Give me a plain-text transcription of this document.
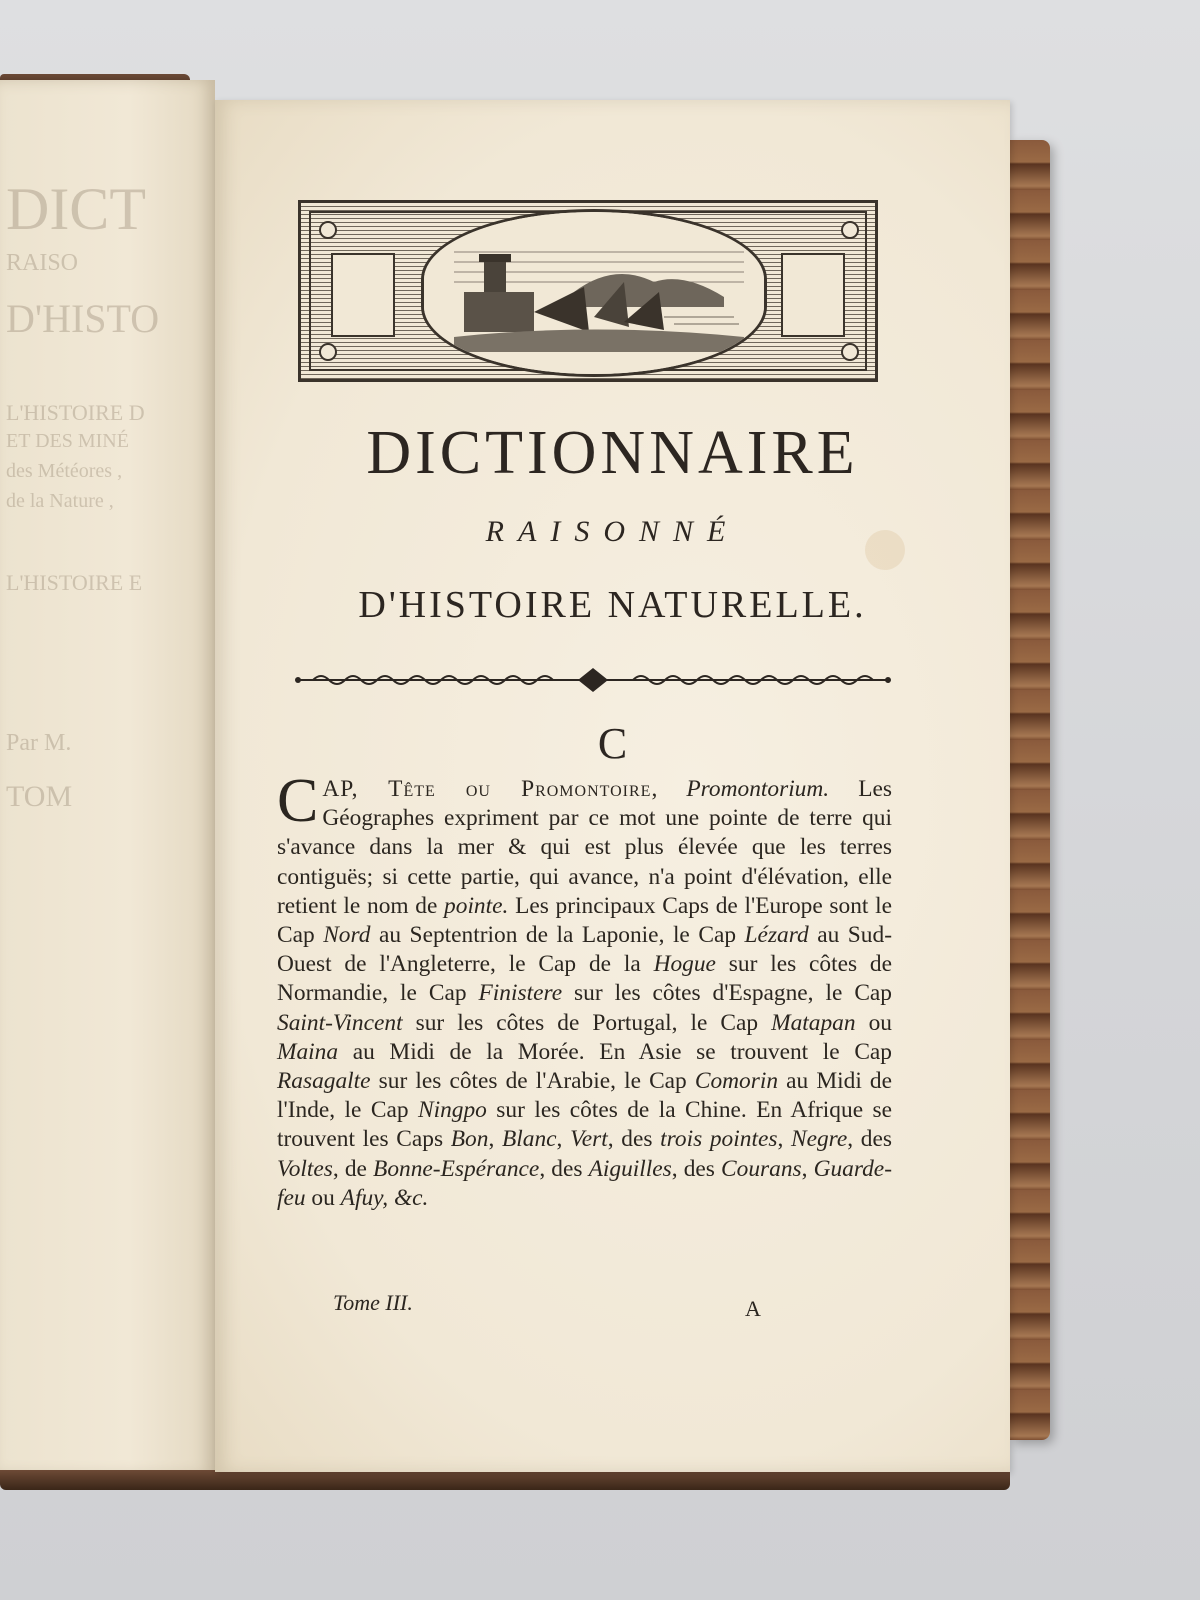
DICT
RAISO
D'HISTO
L'HISTOIRE D
ET DES MINÉ
des Météores ,
de la Nature ,
L'HISTOIRE E
Par M.
TOM
DICTIONNAIRE
RAISONNÉ
D'HISTOIRE NATURELLE.
C
CAP, Tête ou Promontoire, Promontorium. Les Géographes expriment par ce mot une pointe de terre qui s'avance dans la mer & qui est plus élevée que les terres contiguës; si cette partie, qui avance, n'a point d'élévation, elle retient le nom de pointe. Les principaux Caps de l'Europe sont le Cap Nord au Septentrion de la Laponie, le Cap Lézard au Sud-Ouest de l'Angleterre, le Cap de la Hogue sur les côtes de Normandie, le Cap Finistere sur les côtes d'Espagne, le Cap Saint-Vincent sur les côtes de Portugal, le Cap Matapan ou Maina au Midi de la Morée. En Asie se trouvent le Cap Rasagalte sur les côtes de l'Arabie, le Cap Comorin au Midi de l'Inde, le Cap Ningpo sur les côtes de la Chine. En Afrique se trouvent les Caps Bon, Blanc, Vert, des trois pointes, Negre, des Voltes, de Bonne-Espérance, des Aiguilles, des Courans, Guarde-feu ou Afuy, &c.
Tome III.	A
